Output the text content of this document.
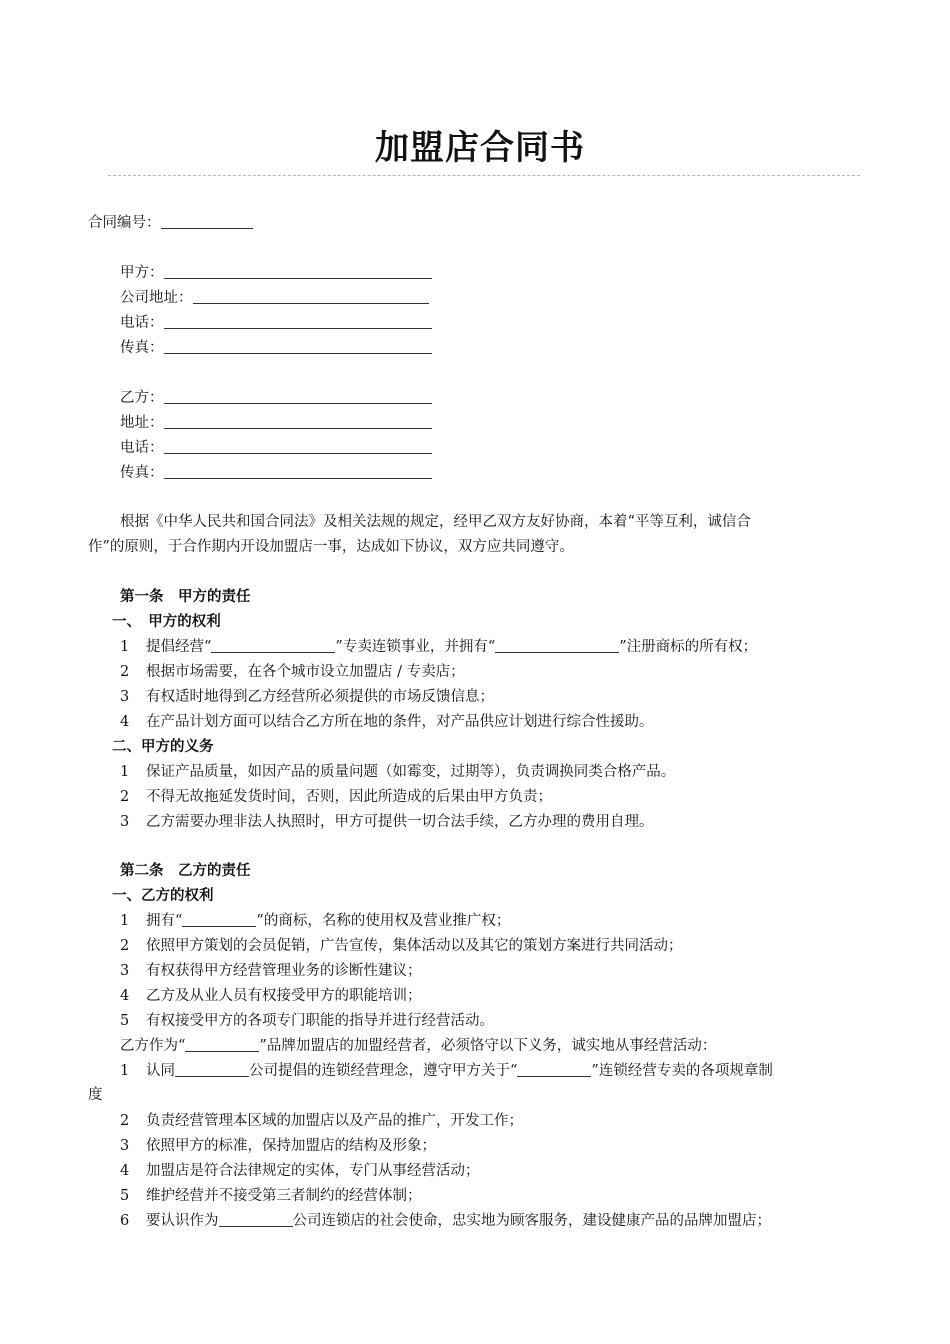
加盟店合同书
合同编号：
甲方：
公司地址：
电话：
传真：
乙方：
地址：
电话：
传真：
根据《中华人民共和国合同法》及相关法规的规定，经甲乙双方友好协商，本着“平等互利，诚信合
作”的原则，于合作期内开设加盟店一事，达成如下协议，双方应共同遵守。
第一条　甲方的责任
一、　甲方的权利
1 提倡经营“	”专卖连锁事业，并拥有“	”注册商标的所有权；
2 根据市场需要，在各个城市设立加盟店 / 专卖店；
3 有权适时地得到乙方经营所必须提供的市场反馈信息；
4 在产品计划方面可以结合乙方所在地的条件，对产品供应计划进行综合性援助。
二、甲方的义务
1 保证产品质量，如因产品的质量问题（如霉变，过期等），负责调换同类合格产品。
2 不得无故拖延发货时间，否则，因此所造成的后果由甲方负责；
3 乙方需要办理非法人执照时，甲方可提供一切合法手续，乙方办理的费用自理。
第二条　乙方的责任
一、乙方的权利
1 拥有“	”的商标，名称的使用权及营业推广权；
2 依照甲方策划的会员促销，广告宣传，集体活动以及其它的策划方案进行共同活动；
3 有权获得甲方经营管理业务的诊断性建议；
4 乙方及从业人员有权接受甲方的职能培训；
5 有权接受甲方的各项专门职能的指导并进行经营活动。
乙方作为“	”品牌加盟店的加盟经营者，必须恪守以下义务，诚实地从事经营活动：
1 认同	公司提倡的连锁经营理念，遵守甲方关于“	”连锁经营专卖的各项规章制
度
2 负责经营管理本区域的加盟店以及产品的推广，开发工作；
3 依照甲方的标准，保持加盟店的结构及形象；
4 加盟店是符合法律规定的实体，专门从事经营活动；
5 维护经营并不接受第三者制约的经营体制；
6 要认识作为	公司连锁店的社会使命，忠实地为顾客服务，建设健康产品的品牌加盟店；
